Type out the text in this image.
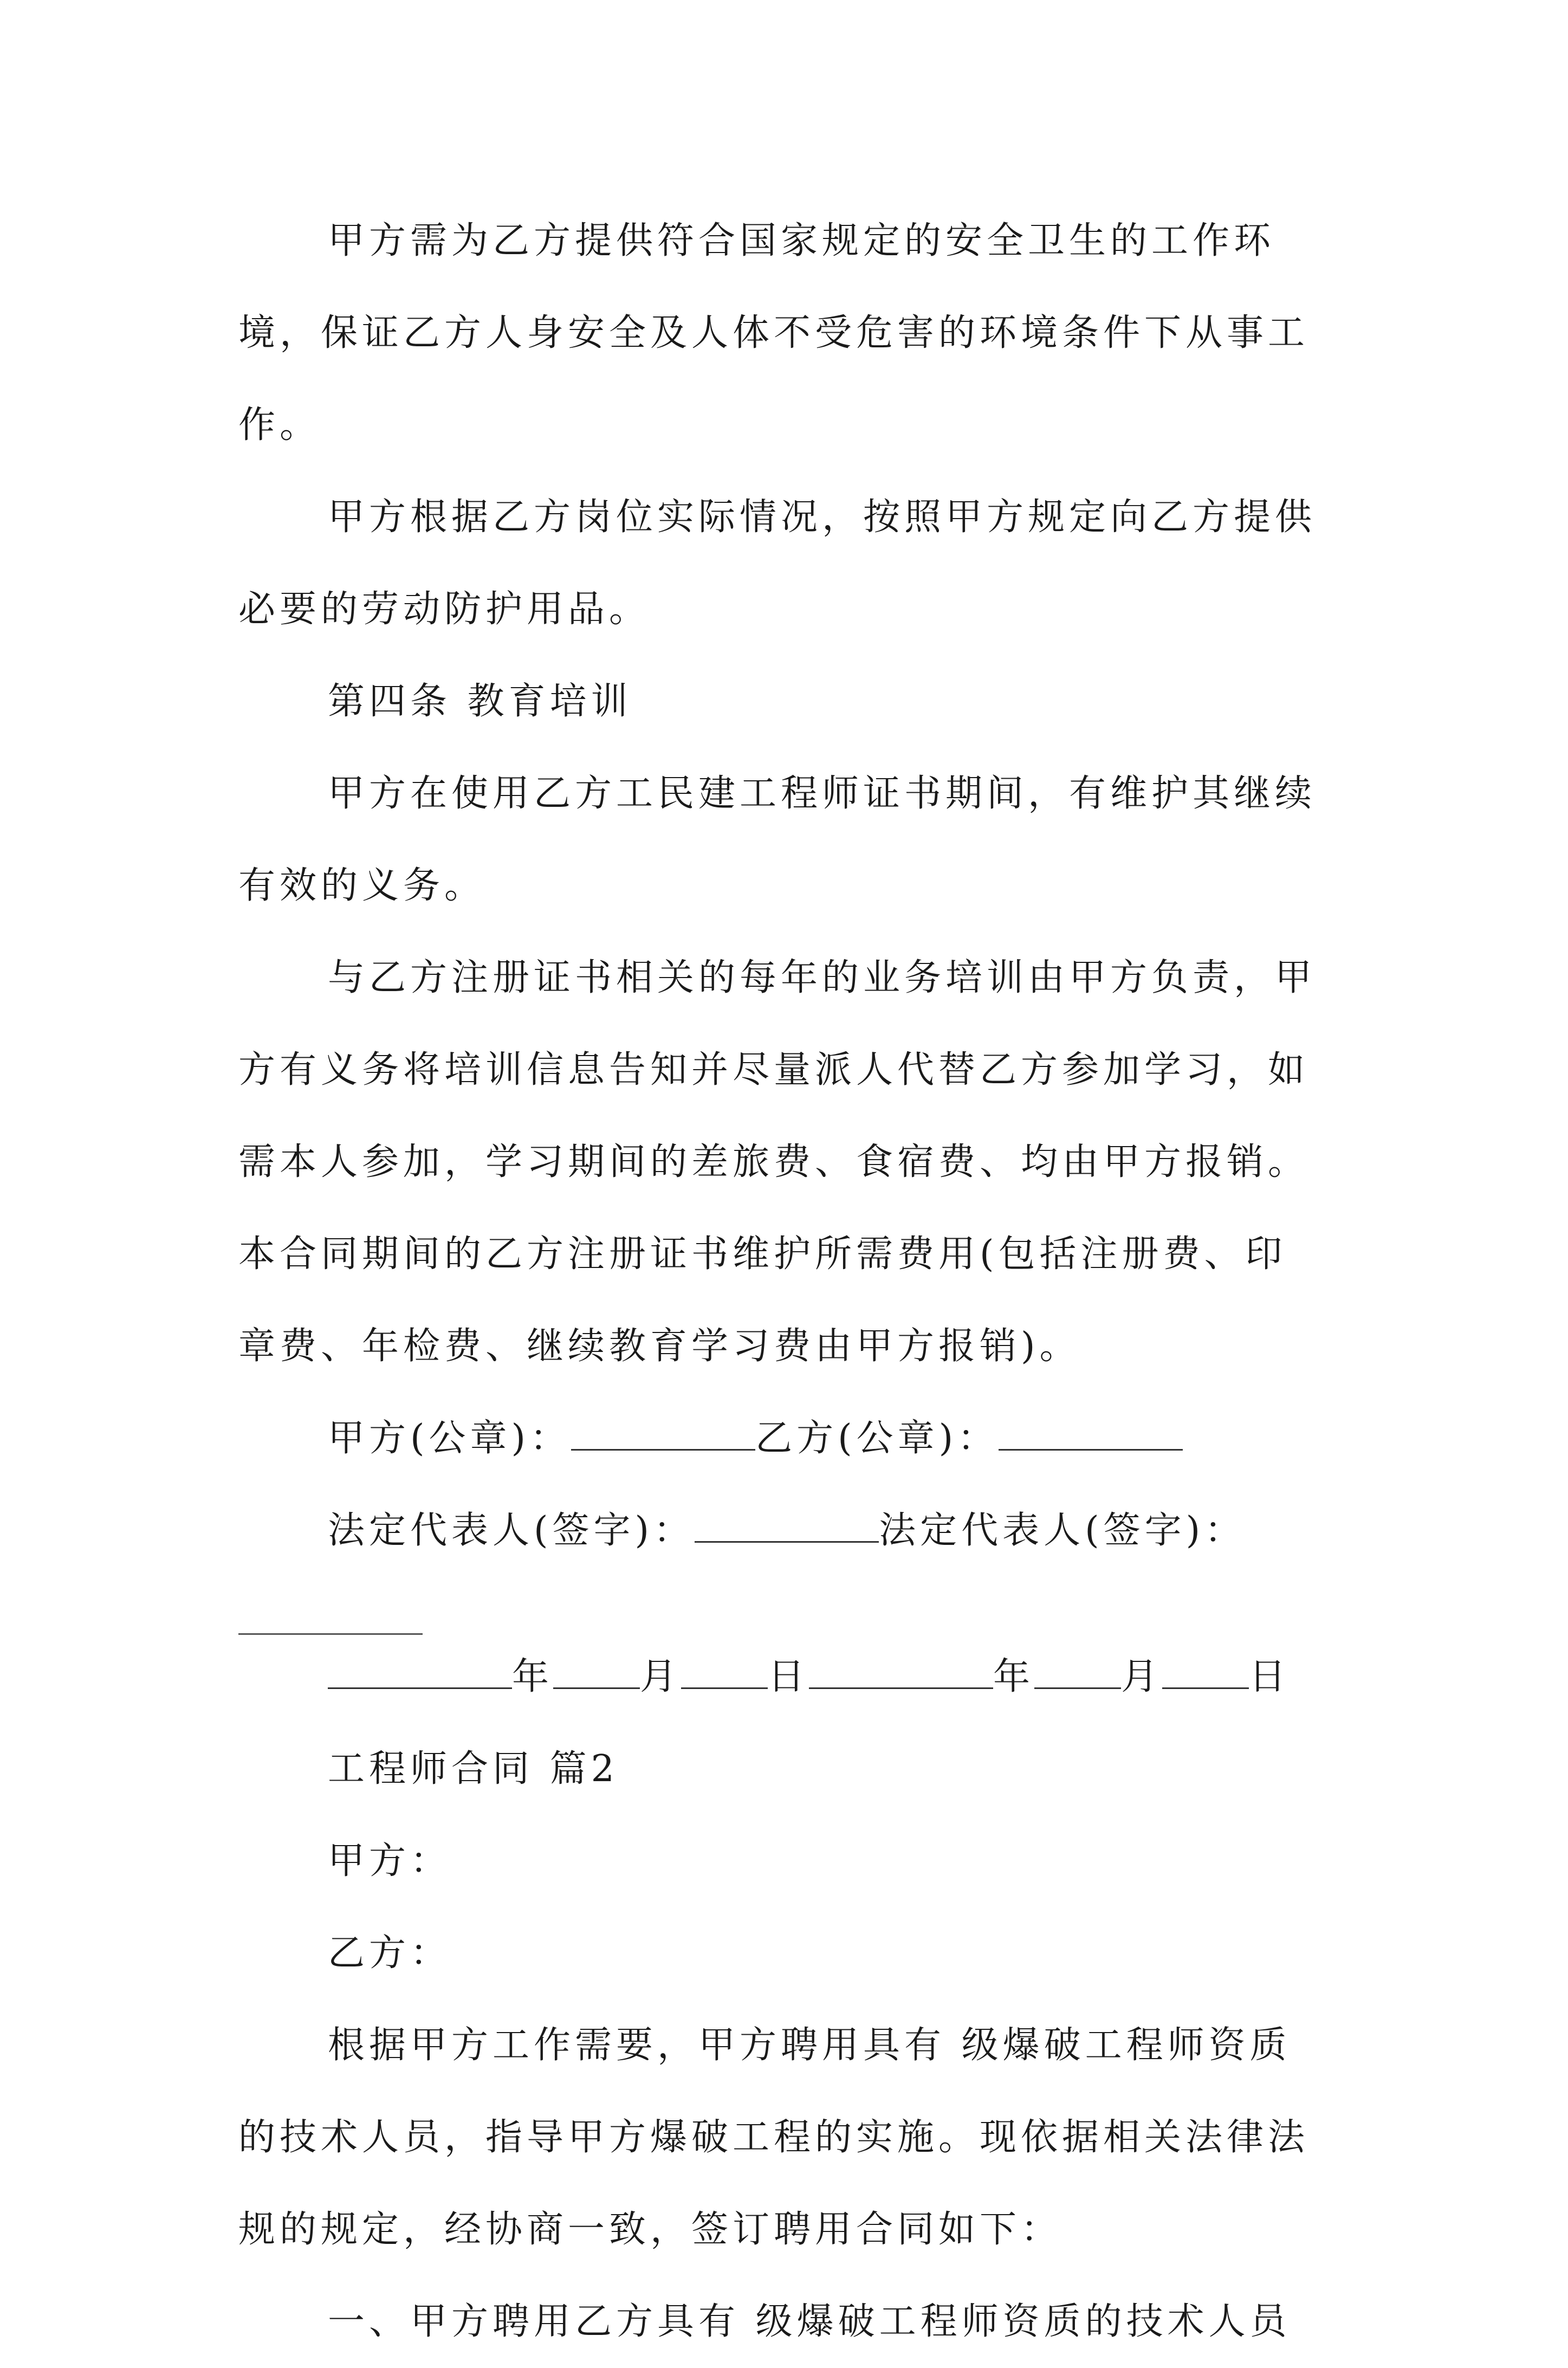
甲方需为乙方提供符合国家规定的安全卫生的工作环
境，保证乙方人身安全及人体不受危害的环境条件下从事工
作。
甲方根据乙方岗位实际情况，按照甲方规定向乙方提供
必要的劳动防护用品。
第四条 教育培训
甲方在使用乙方工民建工程师证书期间，有维护其继续
有效的义务。
与乙方注册证书相关的每年的业务培训由甲方负责，甲
方有义务将培训信息告知并尽量派人代替乙方参加学习，如
需本人参加，学习期间的差旅费、食宿费、均由甲方报销。
本合同期间的乙方注册证书维护所需费用(包括注册费、印
章费、年检费、继续教育学习费由甲方报销)。
甲方(公章)：	乙方(公章)：
法定代表人(签字)：	法定代表人(签字)：
年 月 日	年 月 日
工程师合同 篇2
甲方：
乙方：
根据甲方工作需要，甲方聘用具有 级爆破工程师资质
的技术人员，指导甲方爆破工程的实施。现依据相关法律法
规的规定，经协商一致，签订聘用合同如下：
一、甲方聘用乙方具有 级爆破工程师资质的技术人员
